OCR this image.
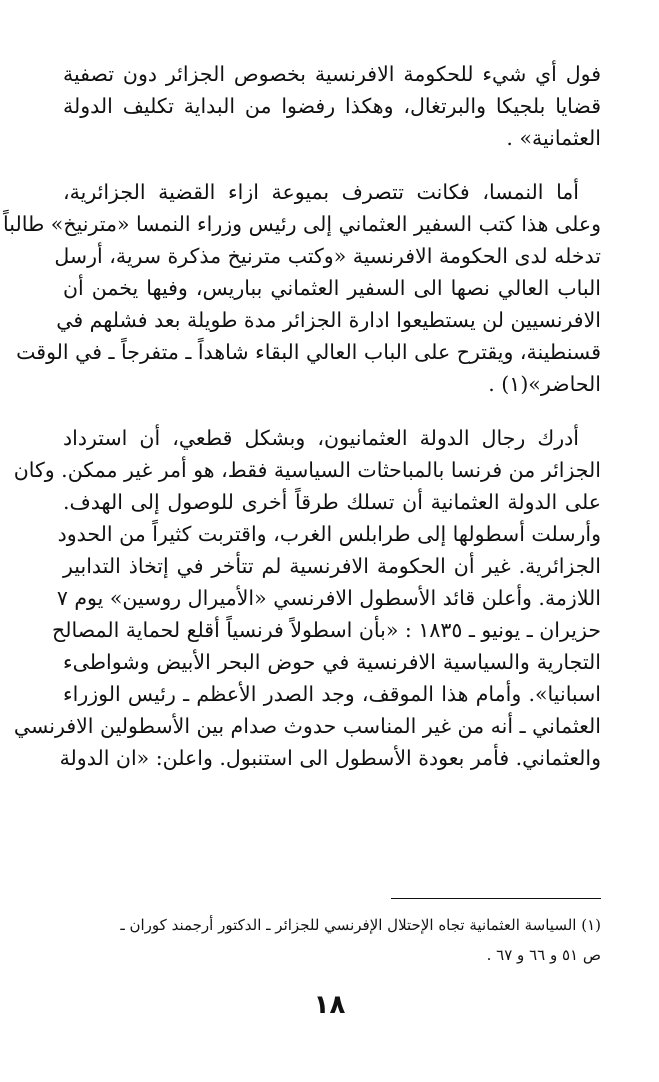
فول أي شيء للحكومة الافرنسية بخصوص الجزائر دون تصفية
قضايا بلجيكا والبرتغال، وهكذا رفضوا من البداية تكليف الدولة
العثمانية» .

أما النمسا، فكانت تتصرف بميوعة ازاء القضية الجزائرية،
وعلى هذا كتب السفير العثماني إلى رئيس وزراء النمسا «مترنيخ» طالباً
تدخله لدى الحكومة الافرنسية «وكتب مترنيخ مذكرة سرية، أرسل
الباب العالي نصها الى السفير العثماني بباريس، وفيها يخمن أن
الافرنسيين لن يستطيعوا ادارة الجزائر مدة طويلة بعد فشلهم في
قسنطينة، ويقترح على الباب العالي البقاء شاهداً ـ متفرجاً ـ في الوقت
الحاضر»(١) .

أدرك رجال الدولة العثمانيون، وبشكل قطعي، أن استرداد
الجزائر من فرنسا بالمباحثات السياسية فقط، هو أمر غير ممكن. وكان
على الدولة العثمانية أن تسلك طرقاً أخرى للوصول إلى الهدف.
وأرسلت أسطولها إلى طرابلس الغرب، واقتربت كثيراً من الحدود
الجزائرية. غير أن الحكومة الافرنسية لم تتأخر في إتخاذ التدابير
اللازمة. وأعلن قائد الأسطول الافرنسي «الأميرال روسين» يوم ٧
حزيران ـ يونيو ـ ١٨٣٥ : «بأن اسطولاً فرنسياً أقلع لحماية المصالح
التجارية والسياسية الافرنسية في حوض البحر الأبيض وشواطىء
اسبانيا». وأمام هذا الموقف، وجد الصدر الأعظم ـ رئيس الوزراء
العثماني ـ أنه من غير المناسب حدوث صدام بين الأسطولين الافرنسي
والعثماني. فأمر بعودة الأسطول الى استنبول. واعلن: «ان الدولة

(١) السياسة العثمانية تجاه الإحتلال الإفرنسي للجزائر ـ الدكتور أرجمند كوران ـ
ص ٥١ و ٦٦ و ٦٧ .
١٨
